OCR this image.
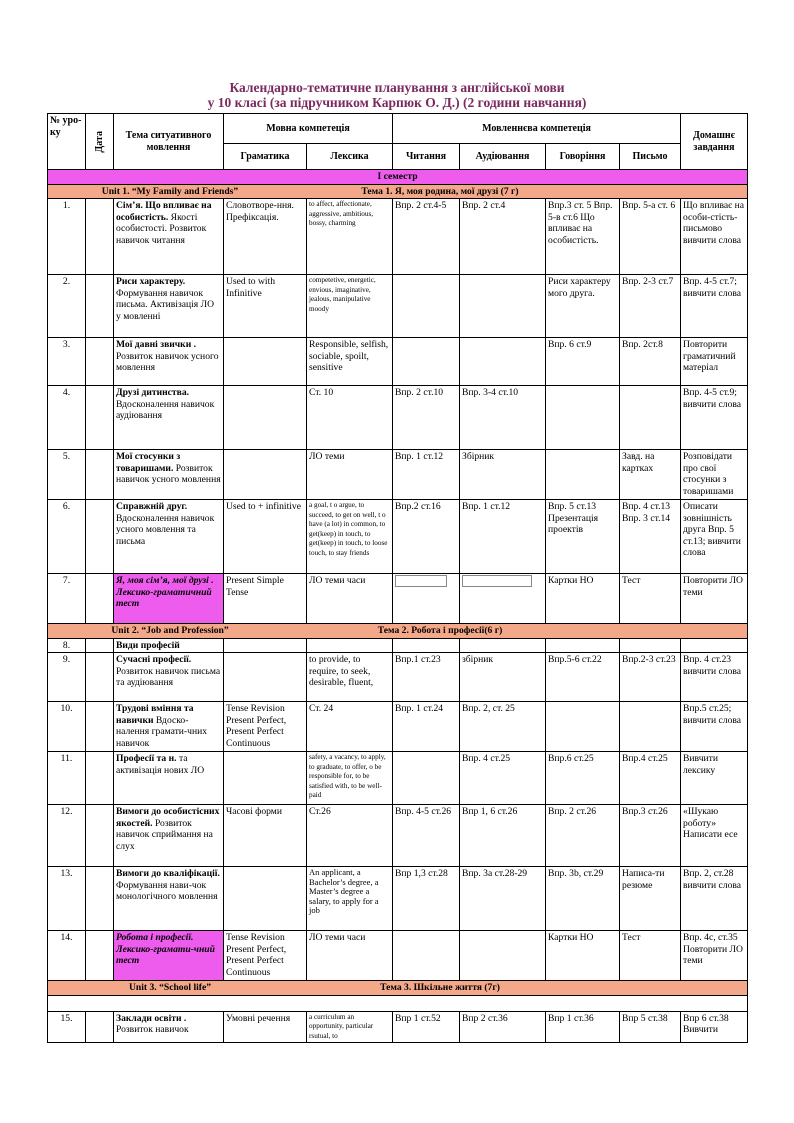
Календарно-тематичне планування з англійської мови
у 10 класі (за підручником Карпюк О. Д.) (2 години навчання)
№ уро-ку	Дата	Тема ситуативного мовлення	Мовна компетеція		Мовленнєва компетеція				Домашнє завдання
			Граматика	Лексика	Читання	Аудіювання	Говоріння	Письмо	
I семестр									
Unit 1. “My Family and Friends” Тема 1. Я, моя родина, мої друзі (7 г)									
1.		Сім’я. Що впливає на особистість. Якості особистості. Розвиток навичок читання	Словотворе-ння. Префіксація.	to affect, affectionate, aggressive, ambitious, bossy, charming	Впр. 2 ст.4-5	Впр. 2 ст.4	Впр.3 ст. 5 Впр. 5-в ст.6 Що впливає на особистість.	Впр. 5-а ст. 6	Що впливає на особи-стість-письмово вивчити слова
2.		Риси характеру. Формування навичок письма. Активізація ЛО у мовленні	Used to with Infinitive	competetive, energetic, envious, imaginative, jealous, manipulative moody			Риси характеру мого друга.	Впр. 2-3 ст.7	Впр. 4-5 ст.7; вивчити слова
3.		Мої давні звички . Розвиток навичок усного мовлення		Responsible, selfish, sociable, spoilt, sensitive			Впр. 6 ст.9	Впр. 2ст.8	Повторити граматичний матеріал
4.		Друзі дитинства. Вдосконалення навичок аудіювання		Ст. 10	Впр. 2 ст.10	Впр. 3-4 ст.10			Впр. 4-5 ст.9; вивчити слова
5.		Мої стосунки з товаришами. Розвиток навичок усного мовлення		ЛО теми	Впр. 1 ст.12	Збірник		Завд. на картках	Розповідати про свої стосунки з товаришами
6.		Справжній друг. Вдосконалення навичок усного мовлення та письма	Used to + infinitive	a goal, t o argue, to succeed, to get on well, t o have (a lot) in common, to get(keep) in touch, to get(keep) in touch, to loose touch, to stay friends	Впр.2 ст.16	Впр. 1 ст.12	Впр. 5 ст.13 Презентація проектів	Впр. 4 ст.13 Впр. 3 ст.14	Описати зовнішність друга Впр. 5 ст.13; вивчити слова
7.		Я, моя сім’я, мої друзі . Лексико-граматичний тест	Present Simple Tense	ЛО теми часи			Картки НО	Тест	Повторити ЛО теми
Unit 2. “Job and Profession” Тема 2. Робота і професії(6 г)									
8.		Види професій							
9.		Сучасні професії. Розвиток навичок письма та аудіювання		to provide, to require, to seek, desirable, fluent,	Впр.1 ст.23	збірник	Впр.5-6 ст.22	Впр.2-3 ст.23	Впр. 4 ст.23 вивчити слова
10.		Трудові вміння та навички Вдоско-налення грамати-чних навичок	Tense Revision Present Perfect, Present Perfect Continuous	Ст. 24	Впр. 1 ст.24	Впр. 2, ст. 25			Впр.5 ст.25; вивчити слова
11.		Професії та н. та активізація нових ЛО		safety, a vacancy, to apply, to graduate, to offer, o be responsible for, to be satisfied with, to be well-paid		Впр. 4 ст.25	Впр.6 ст.25	Впр.4 ст.25	Вивчити лексику
12.		Вимоги до особистісних якостей. Розвиток навичок сприймання на слух	Часові форми	Ст.26	Впр. 4-5 ст.26	Впр 1, 6 ст.26	Впр. 2 ст.26	Впр.3 ст.26	«Шукаю роботу» Написати есе
13.		Вимоги до кваліфікації. Формування нави-чок монологічного мовлення		An applicant, a Bachelor’s degree, a Master’s degree a salary, to apply for a job	Впр 1,3 ст.28	Впр. 3а ст.28-29	Впр. 3b, ст.29	Написа-ти резюме	Впр. 2, ст.28 вивчити слова
14.		Робота і професії. Лексико-грамати-чний тест	Tense Revision Present Perfect, Present Perfect Continuous	ЛО теми часи			Картки НО	Тест	Впр. 4c, ст.35 Повторити ЛО теми
Unit 3. “School life” Тема 3. Шкільне життя (7г)									

15.		Заклади освіти . Розвиток навичок	Умовні речення	a curriculum an opportunity, particular rsutual, to	Впр 1 ст.52	Впр 2 ст.36	Впр 1 ст.36	Впр 5 ст.38	Впр 6 ст.38 Вивчити
